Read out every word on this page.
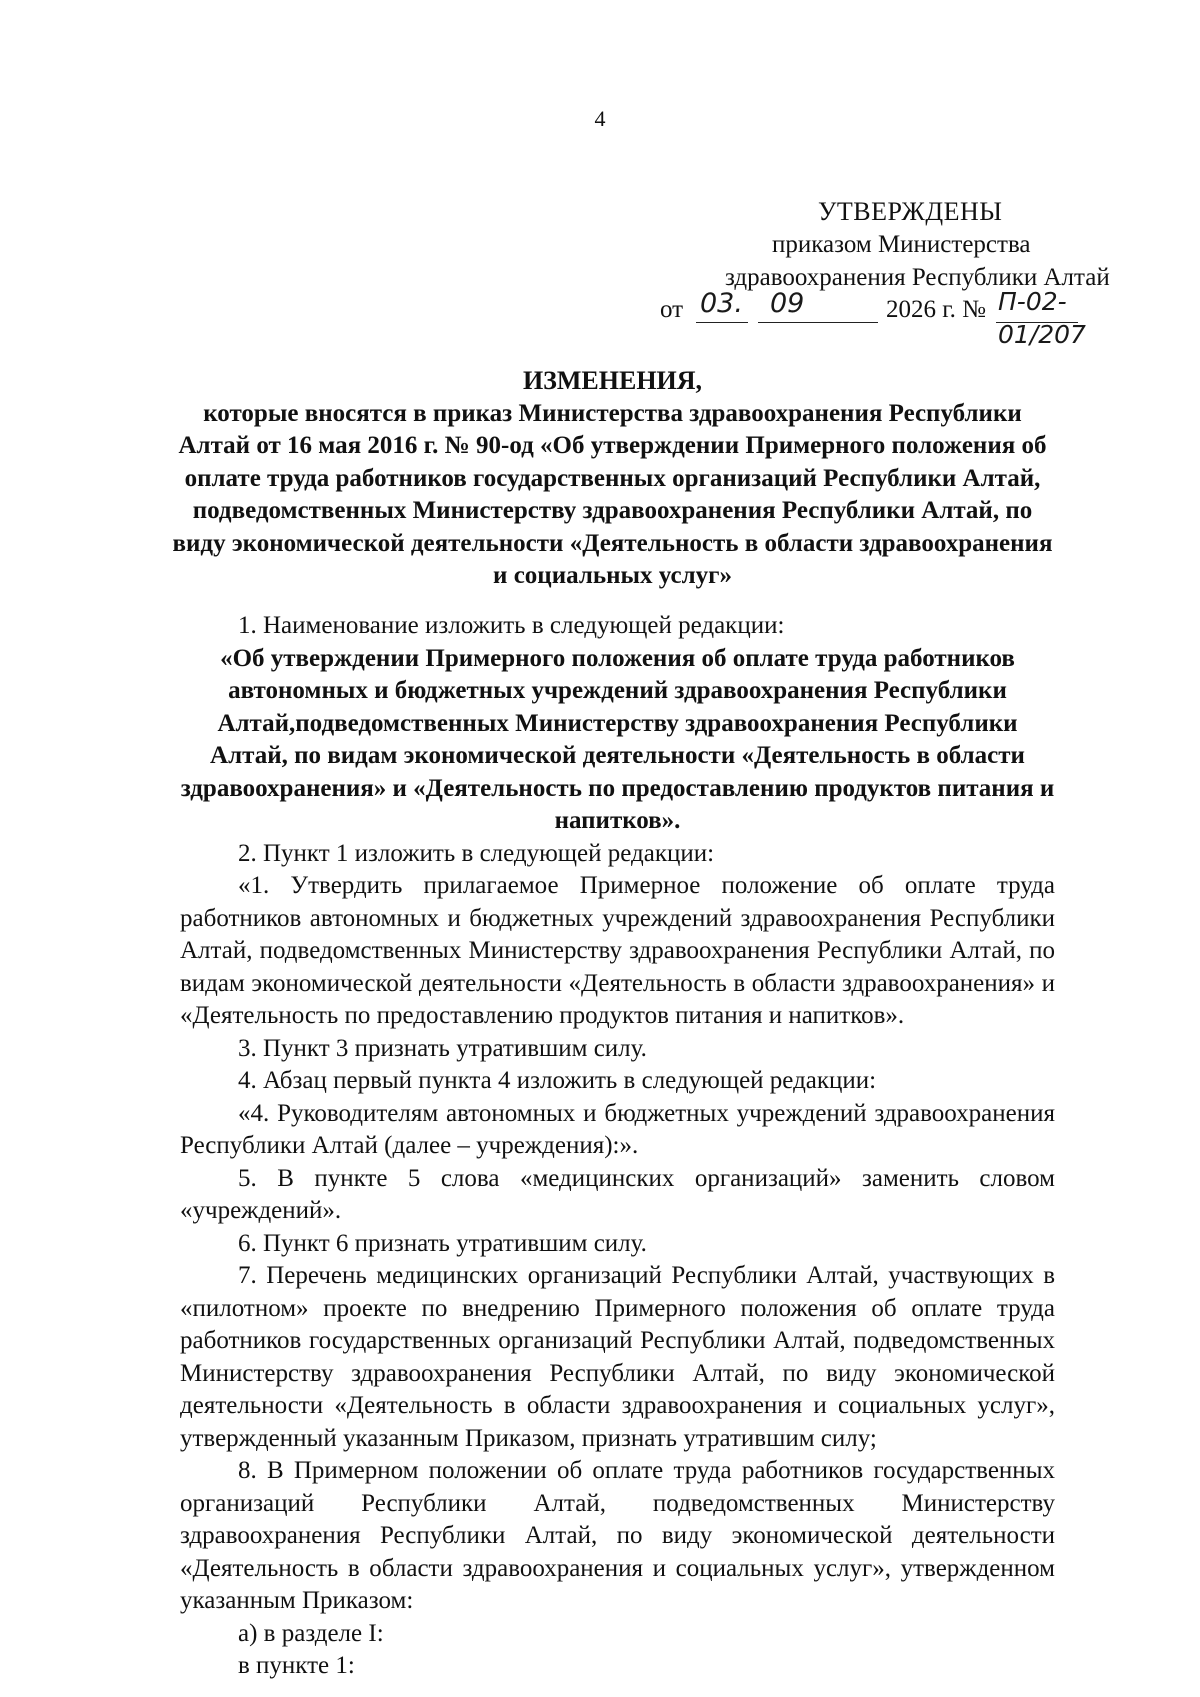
4
УТВЕРЖДЕНЫ
приказом Министерства
здравоохранения Республики Алтай
от 03. 09	2026 г. № П-02-01/207
ИЗМЕНЕНИЯ,
которые вносятся в приказ Министерства здравоохранения Республики Алтай от 16 мая 2016 г. № 90-од «Об утверждении Примерного положения об оплате труда работников государственных организаций Республики Алтай, подведомственных Министерству здравоохранения Республики Алтай, по виду экономической деятельности «Деятельность в области здравоохранения и социальных услуг»

1. Наименование изложить в следующей редакции:

«Об утверждении Примерного положения об оплате труда работников автономных и бюджетных учреждений здравоохранения Республики Алтай,подведомственных Министерству здравоохранения Республики Алтай, по видам экономической деятельности «Деятельность в области здравоохранения» и «Деятельность по предоставлению продуктов питания и напитков».

2. Пункт 1 изложить в следующей редакции:

«1. Утвердить прилагаемое Примерное положение об оплате труда работников автономных и бюджетных учреждений здравоохранения Республики Алтай, подведомственных Министерству здравоохранения Республики Алтай, по видам экономической деятельности «Деятельность в области здравоохранения» и «Деятельность по предоставлению продуктов питания и напитков».

3. Пункт 3 признать утратившим силу.

4. Абзац первый пункта 4 изложить в следующей редакции:

«4. Руководителям автономных и бюджетных учреждений здравоохранения Республики Алтай (далее – учреждения):».

5. В пункте 5 слова «медицинских организаций» заменить словом «учреждений».

6. Пункт 6 признать утратившим силу.

7. Перечень медицинских организаций Республики Алтай, участвующих в «пилотном» проекте по внедрению Примерного положения об оплате труда работников государственных организаций Республики Алтай, подведомственных Министерству здравоохранения Республики Алтай, по виду экономической деятельности «Деятельность в области здравоохранения и социальных услуг», утвержденный указанным Приказом, признать утратившим силу;

8. В Примерном положении об оплате труда работников государственных организаций Республики Алтай, подведомственных Министерству здравоохранения Республики Алтай, по виду экономической деятельности «Деятельность в области здравоохранения и социальных услуг», утвержденном указанным Приказом:

а) в разделе I:

в пункте 1:
